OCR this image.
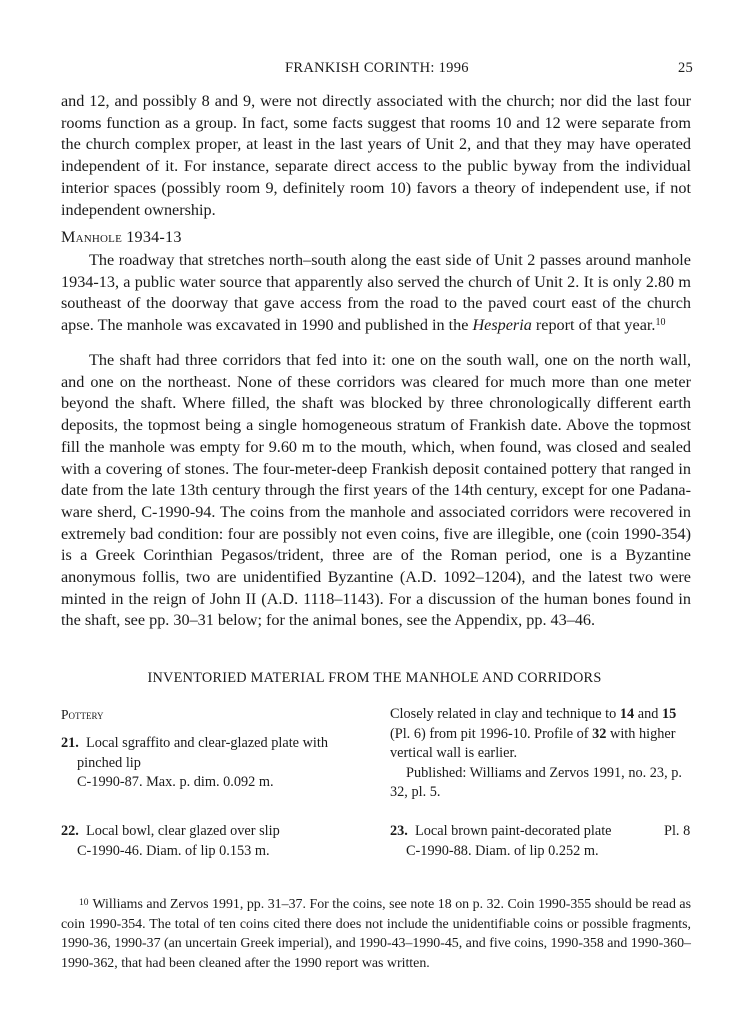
FRANKISH CORINTH: 1996	25

and 12, and possibly 8 and 9, were not directly associated with the church; nor did the last four rooms function as a group. In fact, some facts suggest that rooms 10 and 12 were separate from the church complex proper, at least in the last years of Unit 2, and that they may have operated independent of it. For instance, separate direct access to the public byway from the individual interior spaces (possibly room 9, definitely room 10) favors a theory of independent use, if not independent ownership.

Manhole 1934-13

The roadway that stretches north–south along the east side of Unit 2 passes around manhole 1934-13, a public water source that apparently also served the church of Unit 2. It is only 2.80 m southeast of the doorway that gave access from the road to the paved court east of the church apse. The manhole was excavated in 1990 and published in the Hesperia report of that year.$^{10}$

The shaft had three corridors that fed into it: one on the south wall, one on the north wall, and one on the northeast. None of these corridors was cleared for much more than one meter beyond the shaft. Where filled, the shaft was blocked by three chronologically different earth deposits, the topmost being a single homogeneous stratum of Frankish date. Above the topmost fill the manhole was empty for 9.60 m to the mouth, which, when found, was closed and sealed with a covering of stones. The four-meter-deep Frankish deposit contained pottery that ranged in date from the late 13th century through the first years of the 14th century, except for one Padana-ware sherd, C-1990-94. The coins from the manhole and associated corridors were recovered in extremely bad condition: four are possibly not even coins, five are illegible, one (coin 1990-354) is a Greek Corinthian Pegasos/trident, three are of the Roman period, one is a Byzantine anonymous follis, two are unidentified Byzantine (A.D. 1092–1204), and the latest two were minted in the reign of John II (A.D. 1118–1143). For a discussion of the human bones found in the shaft, see pp. 30–31 below; for the animal bones, see the Appendix, pp. 43–46.

INVENTORIED MATERIAL FROM THE MANHOLE AND CORRIDORS
Pottery

21. Local sgraffito and clear-glazed plate with pinched lip

C-1990-87. Max. p. dim. 0.092 m.

22. Local bowl, clear glazed over slip

C-1990-46. Diam. of lip 0.153 m.

Closely related in clay and technique to 14 and 15 (Pl. 6) from pit 1996-10. Profile of 32 with higher vertical wall is earlier.

Published: Williams and Zervos 1991, no. 23, p. 32, pl. 5.

23. Local brown paint-decorated plate	Pl. 8

C-1990-88. Diam. of lip 0.252 m.

$^{10}$ Williams and Zervos 1991, pp. 31–37. For the coins, see note 18 on p. 32. Coin 1990-355 should be read as coin 1990-354. The total of ten coins cited there does not include the unidentifiable coins or possible fragments, 1990-36, 1990-37 (an uncertain Greek imperial), and 1990-43–1990-45, and five coins, 1990-358 and 1990-360–1990-362, that had been cleaned after the 1990 report was written.
